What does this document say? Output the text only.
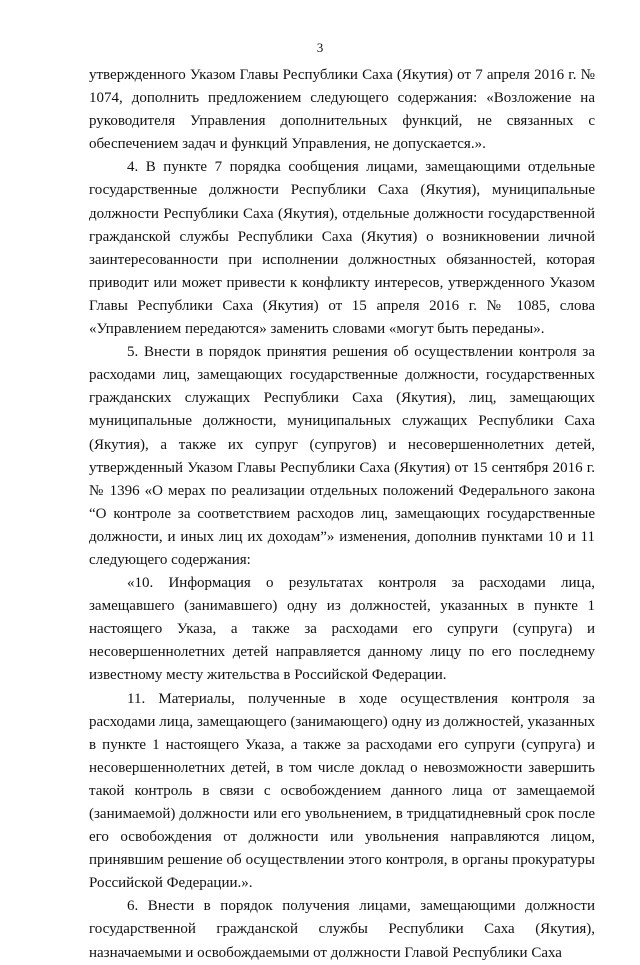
3

утвержденного Указом Главы Республики Саха (Якутия) от 7 апреля 2016 г. № 1074, дополнить предложением следующего содержания: «Возложение на руководителя Управления дополнительных функций, не связанных с обеспечением задач и функций Управления, не допускается.».

4. В пункте 7 порядка сообщения лицами, замещающими отдельные государственные должности Республики Саха (Якутия), муниципальные должности Республики Саха (Якутия), отдельные должности государственной гражданской службы Республики Саха (Якутия) о возникновении личной заинтересованности при исполнении должностных обязанностей, которая приводит или может привести к конфликту интересов, утвержденного Указом Главы Республики Саха (Якутия) от 15 апреля 2016 г. № 1085, слова «Управлением передаются» заменить словами «могут быть переданы».

5. Внести в порядок принятия решения об осуществлении контроля за расходами лиц, замещающих государственные должности, государственных гражданских служащих Республики Саха (Якутия), лиц, замещающих муниципальные должности, муниципальных служащих Республики Саха (Якутия), а также их супруг (супругов) и несовершеннолетних детей, утвержденный Указом Главы Республики Саха (Якутия) от 15 сентября 2016 г. № 1396 «О мерах по реализации отдельных положений Федерального закона “О контроле за соответствием расходов лиц, замещающих государственные должности, и иных лиц их доходам”» изменения, дополнив пунктами 10 и 11 следующего содержания:

«10. Информация о результатах контроля за расходами лица, замещавшего (занимавшего) одну из должностей, указанных в пункте 1 настоящего Указа, а также за расходами его супруги (супруга) и несовершеннолетних детей направляется данному лицу по его последнему известному месту жительства в Российской Федерации.

11. Материалы, полученные в ходе осуществления контроля за расходами лица, замещающего (занимающего) одну из должностей, указанных в пункте 1 настоящего Указа, а также за расходами его супруги (супруга) и несовершеннолетних детей, в том числе доклад о невозможности завершить такой контроль в связи с освобождением данного лица от замещаемой (занимаемой) должности или его увольнением, в тридцатидневный срок после его освобождения от должности или увольнения направляются лицом, принявшим решение об осуществлении этого контроля, в органы прокуратуры Российской Федерации.».

6. Внести в порядок получения лицами, замещающими должности государственной гражданской службы Республики Саха (Якутия), назначаемыми и освобождаемыми от должности Главой Республики Саха
